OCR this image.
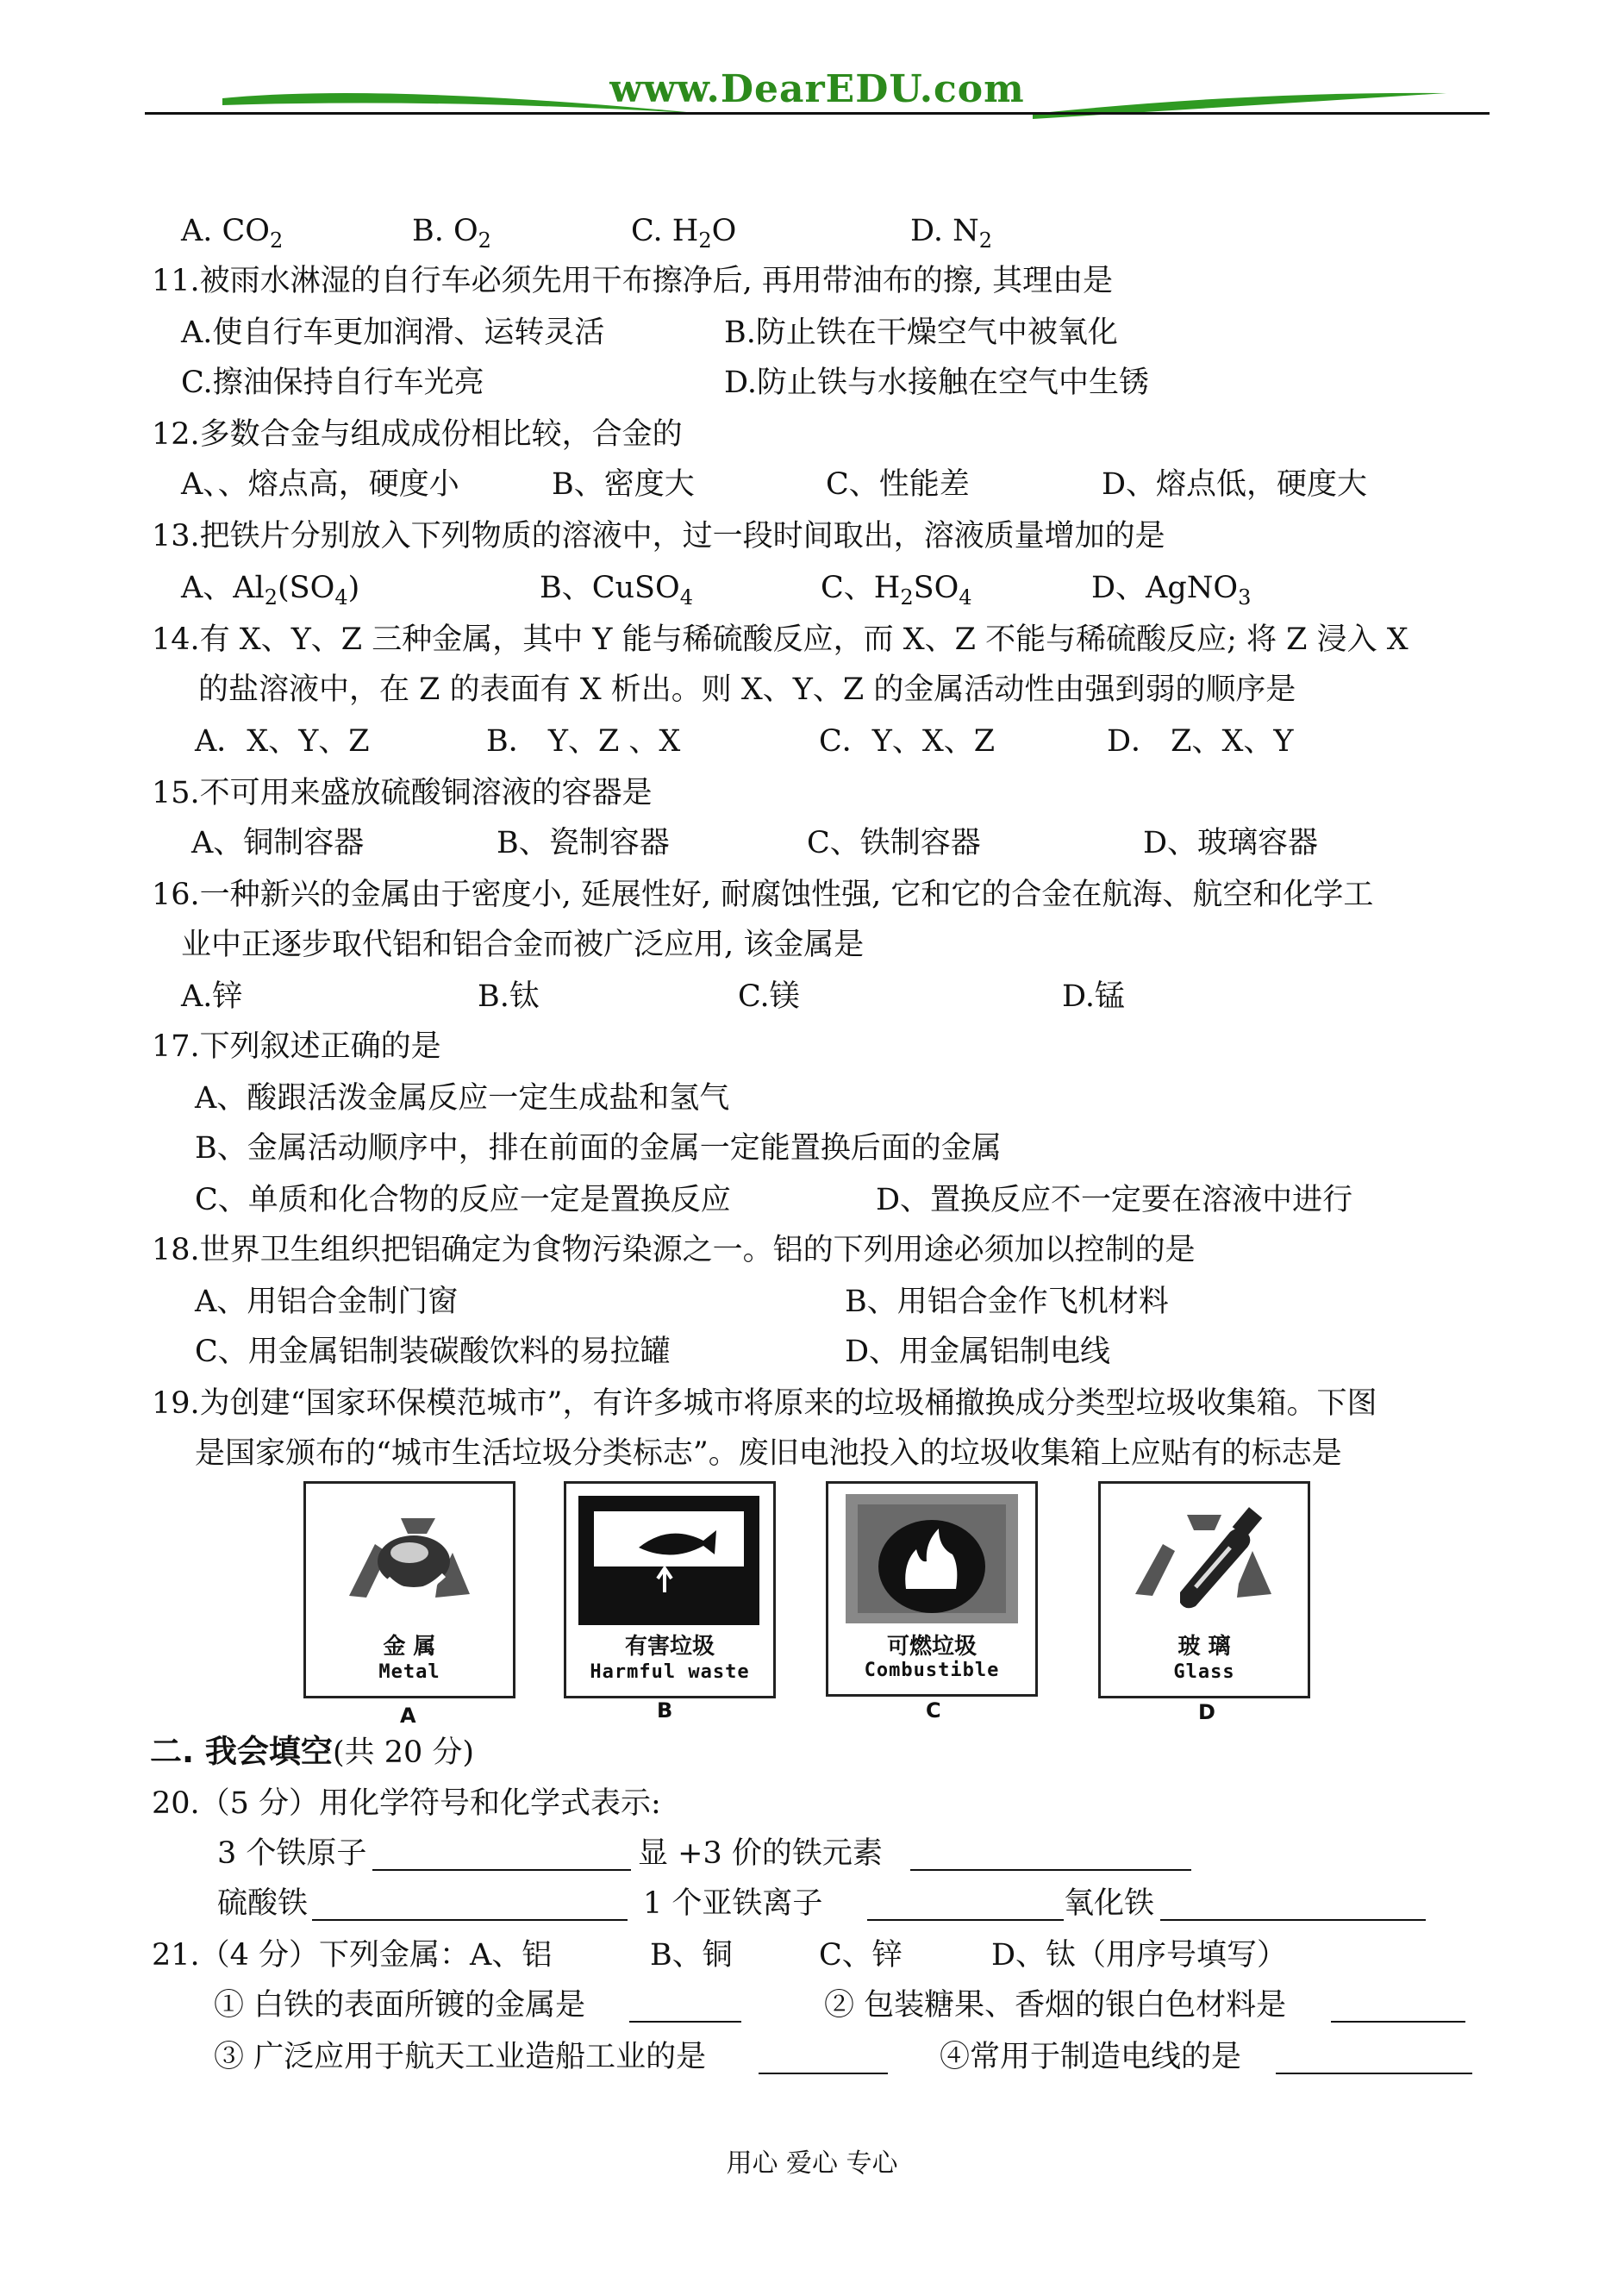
www.DearEDU.com
A. $CO_2$	B. $O_2$	C. $H_2O$	D. $N_2$
11.被雨水淋湿的自行车必须先用干布擦净后, 再用带油布的擦, 其理由是
A.使自行车更加润滑、运转灵活	B.防止铁在干燥空气中被氧化
C.擦油保持自行车光亮	D.防止铁与水接触在空气中生锈
12.多数合金与组成成份相比较，合金的
A、、熔点高，硬度小	B、密度大	C、性能差	D、熔点低，硬度大
13.把铁片分别放入下列物质的溶液中，过一段时间取出，溶液质量增加的是
A、$Al_2(SO_4)$	B、CuSO$_4$	C、$H_2SO_4$	D、AgNO$_3$
14.有 X、Y、Z 三种金属，其中 Y 能与稀硫酸反应，而 X、Z 不能与稀硫酸反应; 将 Z 浸入 X
的盐溶液中，在 Z 的表面有 X 析出。则 X、Y、Z 的金属活动性由强到弱的顺序是
A．X、Y、Z	B． Y、Z 、X	C．Y、X、Z	D． Z、X、Y
15.不可用来盛放硫酸铜溶液的容器是
A、铜制容器	B、瓷制容器	C、铁制容器	D、玻璃容器
16.一种新兴的金属由于密度小, 延展性好, 耐腐蚀性强, 它和它的合金在航海、航空和化学工
业中正逐步取代铝和铝合金而被广泛应用, 该金属是
A.锌	B.钛	C.镁	D.锰
17.下列叙述正确的是
A、酸跟活泼金属反应一定生成盐和氢气
B、金属活动顺序中，排在前面的金属一定能置换后面的金属
C、单质和化合物的反应一定是置换反应	D、置换反应不一定要在溶液中进行
18.世界卫生组织把铝确定为食物污染源之一。铝的下列用途必须加以控制的是
A、用铝合金制门窗	B、用铝合金作飞机材料
C、用金属铝制装碳酸饮料的易拉罐	D、用金属铝制电线
19.为创建“国家环保模范城市”，有许多城市将原来的垃圾桶撤换成分类型垃圾收集箱。下图
是国家颁布的“城市生活垃圾分类标志”。废旧电池投入的垃圾收集箱上应贴有的标志是
金 属
Metal
A
有害垃圾
Harmful waste
B
可燃垃圾
Combustible
C
玻 璃
Glass
D
二. 我会填空(共 20 分)
20.（5 分）用化学符号和化学式表示:
3 个铁原子	显 +3 价的铁元素
硫酸铁	1 个亚铁离子	氧化铁
21.（4 分）下列金属：A、铝	B、铜	C、锌	D、钛（用序号填写）
① 白铁的表面所镀的金属是	② 包装糖果、香烟的银白色材料是
③ 广泛应用于航天工业造船工业的是	④常用于制造电线的是
用心 爱心 专心
